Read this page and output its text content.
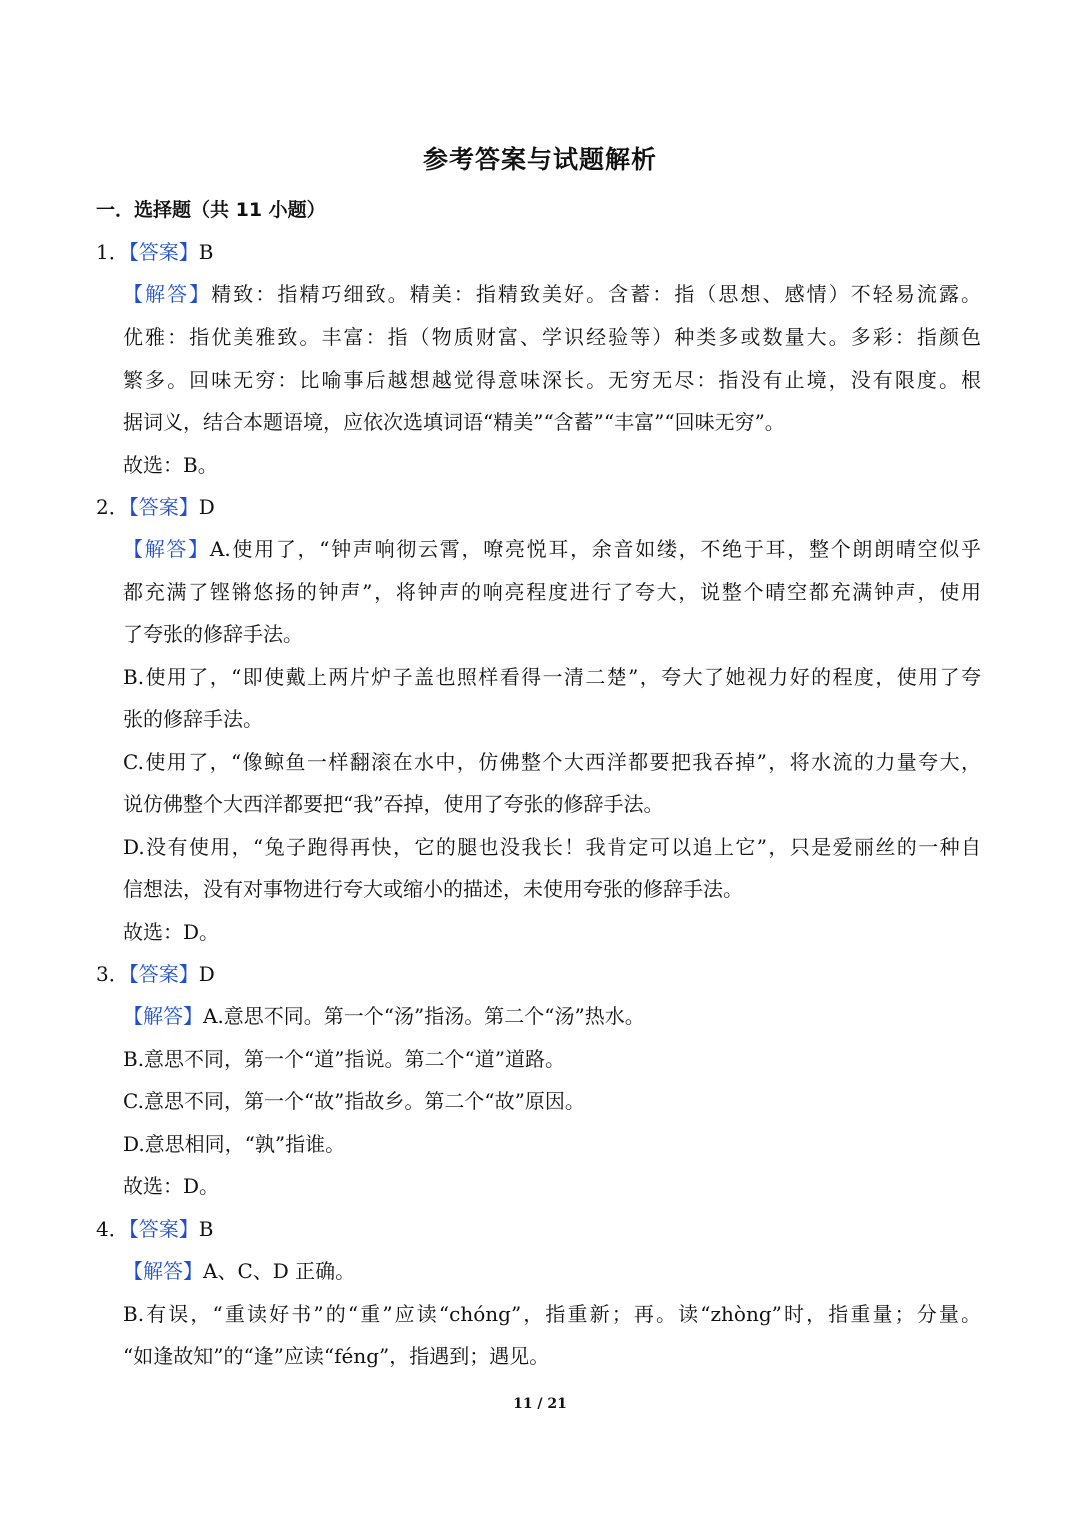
参考答案与试题解析
一．选择题（共 11 小题）
1．【答案】B
【解答】精致：指精巧细致。精美：指精致美好。含蓄：指（思想、感情）不轻易流露。
优雅：指优美雅致。丰富：指（物质财富、学识经验等）种类多或数量大。多彩：指颜色
繁多。回味无穷：比喻事后越想越觉得意味深长。无穷无尽：指没有止境，没有限度。根
据词义，结合本题语境，应依次选填词语“精美”“含蓄”“丰富”“回味无穷”。
故选：B。
2．【答案】D
【解答】A.使用了，“钟声响彻云霄，嘹亮悦耳，余音如缕，不绝于耳，整个朗朗晴空似乎
都充满了铿锵悠扬的钟声”，将钟声的响亮程度进行了夸大，说整个晴空都充满钟声，使用
了夸张的修辞手法。
B.使用了，“即使戴上两片炉子盖也照样看得一清二楚”，夸大了她视力好的程度，使用了夸
张的修辞手法。
C.使用了，“像鲸鱼一样翻滚在水中，仿佛整个大西洋都要把我吞掉”，将水流的力量夸大，
说仿佛整个大西洋都要把“我”吞掉，使用了夸张的修辞手法。
D.没有使用，“兔子跑得再快，它的腿也没我长！我肯定可以追上它”，只是爱丽丝的一种自
信想法，没有对事物进行夸大或缩小的描述，未使用夸张的修辞手法。
故选：D。
3．【答案】D
【解答】A.意思不同。第一个“汤”指汤。第二个“汤”热水。
B.意思不同，第一个“道”指说。第二个“道”道路。
C.意思不同，第一个“故”指故乡。第二个“故”原因。
D.意思相同，“孰”指谁。
故选：D。
4．【答案】B
【解答】A、C、D 正确。
B.有误，“重读好书”的“重”应读“chóng”，指重新；再。读“zhòng”时，指重量；分量。
“如逢故知”的“逢”应读“féng”，指遇到；遇见。
11 / 21
